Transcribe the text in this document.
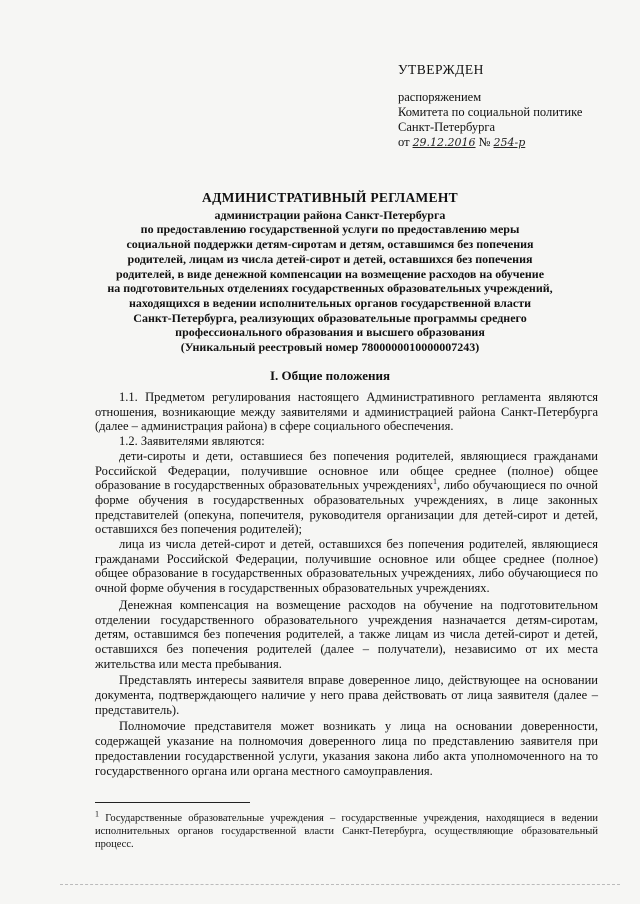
УТВЕРЖДЕН
распоряжением
Комитета по социальной политике
Санкт-Петербурга
от 29.12.2016 № 254-р
АДМИНИСТРАТИВНЫЙ РЕГЛАМЕНТ
администрации района Санкт-Петербурга
по предоставлению государственной услуги по предоставлению меры
социальной поддержки детям-сиротам и детям, оставшимся без попечения
родителей, лицам из числа детей-сирот и детей, оставшихся без попечения
родителей, в виде денежной компенсации на возмещение расходов на обучение
на подготовительных отделениях государственных образовательных учреждений,
находящихся в ведении исполнительных органов государственной власти
Санкт-Петербурга, реализующих образовательные программы среднего
профессионального образования и высшего образования
(Уникальный реестровый номер 7800000010000007243)
I. Общие положения

1.1. Предметом регулирования настоящего Административного регламента являются отношения, возникающие между заявителями и администрацией района Санкт-Петербурга (далее – администрация района) в сфере социального обеспечения.

1.2. Заявителями являются:

дети-сироты и дети, оставшиеся без попечения родителей, являющиеся гражданами Российской Федерации, получившие основное или общее среднее (полное) общее образование в государственных образовательных учреждениях$^1$, либо обучающиеся по очной форме обучения в государственных образовательных учреждениях, в лице законных представителей (опекуна, попечителя, руководителя организации для детей-сирот и детей, оставшихся без попечения родителей);

лица из числа детей-сирот и детей, оставшихся без попечения родителей, являющиеся гражданами Российской Федерации, получившие основное или общее среднее (полное) общее образование в государственных образовательных учреждениях, либо обучающиеся по очной форме обучения в государственных образовательных учреждениях.

Денежная компенсация на возмещение расходов на обучение на подготовительном отделении государственного образовательного учреждения назначается детям-сиротам, детям, оставшимся без попечения родителей, а также лицам из числа детей-сирот и детей, оставшихся без попечения родителей (далее – получатели), независимо от их места жительства или места пребывания.

Представлять интересы заявителя вправе доверенное лицо, действующее на основании документа, подтверждающего наличие у него права действовать от лица заявителя (далее – представитель).

Полномочие представителя может возникать у лица на основании доверенности, содержащей указание на полномочия доверенного лица по представлению заявителя при предоставлении государственной услуги, указания закона либо акта уполномоченного на то государственного органа или органа местного самоуправления.

$^1$ Государственные образовательные учреждения – государственные учреждения, находящиеся в ведении исполнительных органов государственной власти Санкт-Петербурга, осуществляющие образовательный процесс.
